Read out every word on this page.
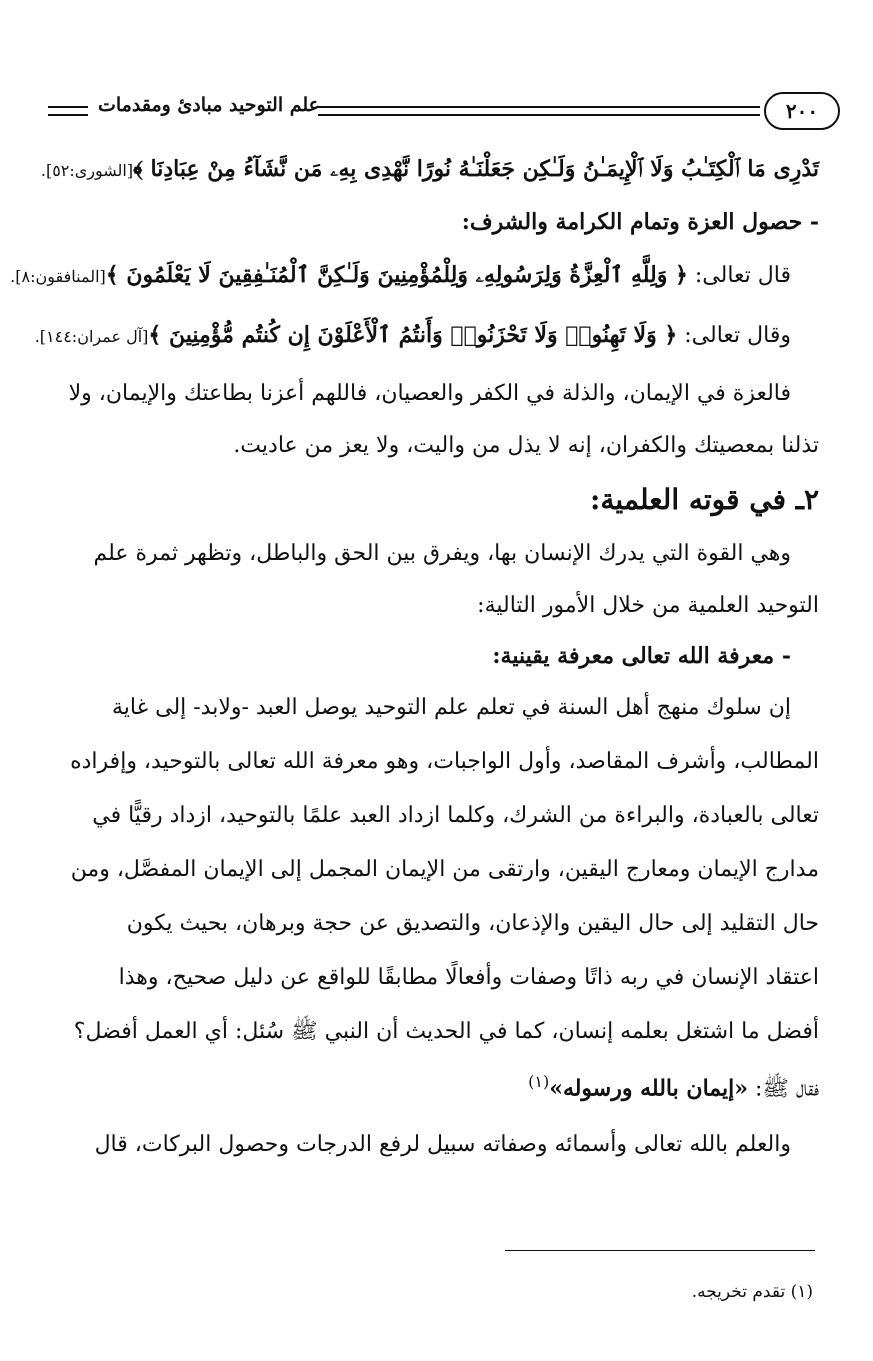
علم التوحيد مبادئ ومقدمات	٢٠٠

تَدْرِى مَا ٱلْكِتَـٰبُ وَلَا ٱلْإِيمَـٰنُ وَلَـٰكِن جَعَلْنَـٰهُ نُورًا نَّهْدِى بِهِۦ مَن نَّشَآءُ مِنْ عِبَادِنَا ﴾[الشورى:٥٢].

- حصول العزة وتمام الكرامة والشرف:

قال تعالى: ﴿ وَلِلَّهِ ٱلْعِزَّةُ وَلِرَسُولِهِۦ وَلِلْمُؤْمِنِينَ وَلَـٰكِنَّ ٱلْمُنَـٰفِقِينَ لَا يَعْلَمُونَ ﴾[المنافقون:٨].

وقال تعالى: ﴿ وَلَا تَهِنُوا۟ وَلَا تَحْزَنُوا۟ وَأَنتُمُ ٱلْأَعْلَوْنَ إِن كُنتُم مُّؤْمِنِينَ ﴾[آل عمران:١٤٤].

فالعزة في الإيمان، والذلة في الكفر والعصيان، فاللهم أعزنا بطاعتك والإيمان، ولا

تذلنا بمعصيتك والكفران، إنه لا يذل من واليت، ولا يعز من عاديت.

٢ـ في قوته العلمية:

وهي القوة التي يدرك الإنسان بها، ويفرق بين الحق والباطل، وتظهر ثمرة علم

التوحيد العلمية من خلال الأمور التالية:

- معرفة الله تعالى معرفة يقينية:

إن سلوك منهج أهل السنة في تعلم علم التوحيد يوصل العبد -ولابد- إلى غاية

المطالب، وأشرف المقاصد، وأول الواجبات، وهو معرفة الله تعالى بالتوحيد، وإفراده

تعالى بالعبادة، والبراءة من الشرك، وكلما ازداد العبد علمًا بالتوحيد، ازداد رقيًّا في

مدارج الإيمان ومعارج اليقين، وارتقى من الإيمان المجمل إلى الإيمان المفصَّل، ومن

حال التقليد إلى حال اليقين والإذعان، والتصديق عن حجة وبرهان، بحيث يكون

اعتقاد الإنسان في ربه ذاتًا وصفات وأفعالًا مطابقًا للواقع عن دليل صحيح، وهذا

أفضل ما اشتغل بعلمه إنسان، كما في الحديث أن النبي ﷺ سُئل: أي العمل أفضل؟

فقال ﷺ: «إيمان بالله ورسوله»$^{(١)}$

والعلم بالله تعالى وأسمائه وصفاته سبيل لرفع الدرجات وحصول البركات، قال

(١) تقدم تخريجه.
